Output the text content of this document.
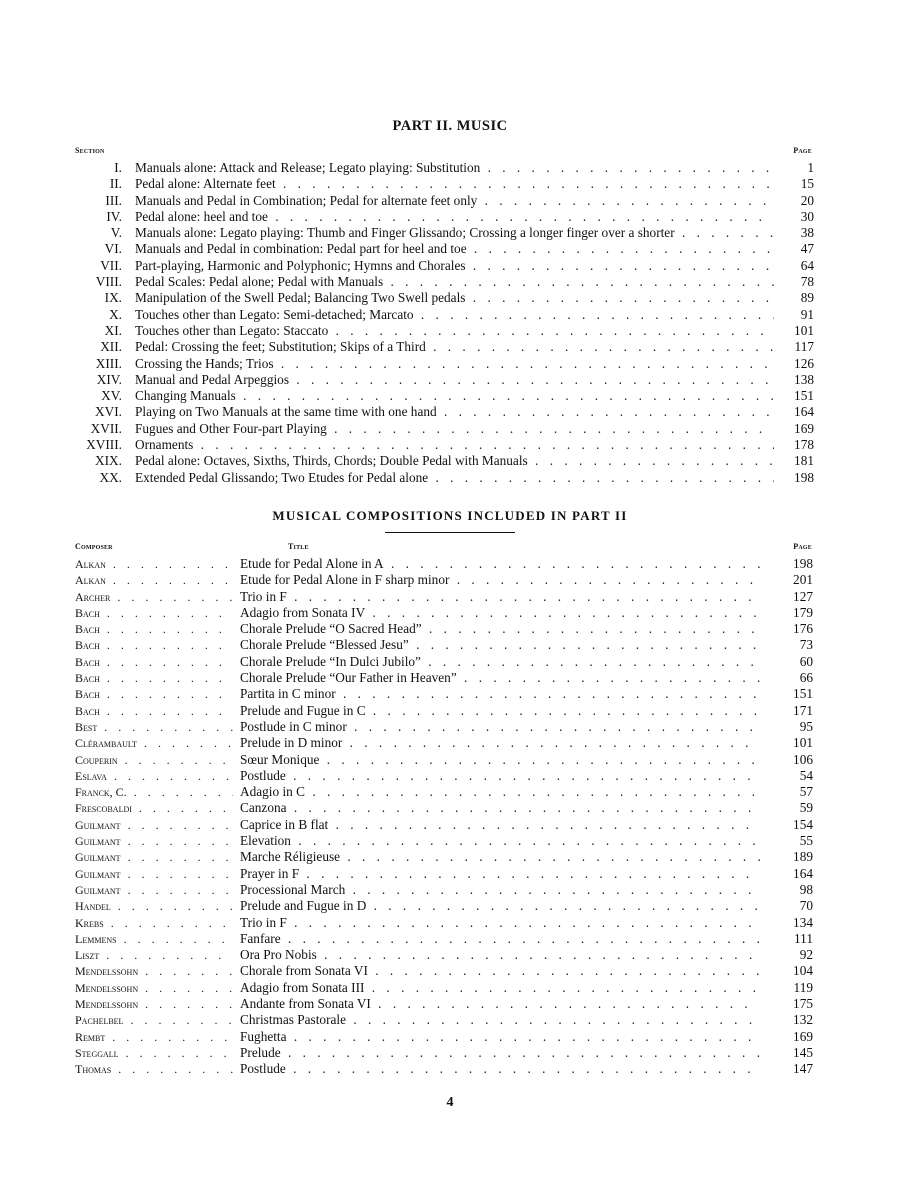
PART II. MUSIC
Section	Page
I. Manuals alone: Attack and Release; Legato playing: Substitution . . .	1
II. Pedal alone: Alternate feet . . .	15
III. Manuals and Pedal in Combination; Pedal for alternate feet only . . .	20
IV. Pedal alone: heel and toe . . .	30
V. Manuals alone: Legato playing: Thumb and Finger Glissando; Crossing a longer finger over a shorter . . .	38
VI. Manuals and Pedal in combination: Pedal part for heel and toe . . .	47
VII. Part-playing, Harmonic and Polyphonic; Hymns and Chorales . . .	64
VIII. Pedal Scales: Pedal alone; Pedal with Manuals . . .	78
IX. Manipulation of the Swell Pedal; Balancing Two Swell pedals . . .	89
X. Touches other than Legato: Semi-detached; Marcato . . .	91
XI. Touches other than Legato: Staccato . . .	101
XII. Pedal: Crossing the feet; Substitution; Skips of a Third . . .	117
XIII. Crossing the Hands; Trios . . .	126
XIV. Manual and Pedal Arpeggios . . .	138
XV. Changing Manuals . . .	151
XVI. Playing on Two Manuals at the same time with one hand . . .	164
XVII. Fugues and Other Four-part Playing . . .	169
XVIII. Ornaments . . .	178
XIX. Pedal alone: Octaves, Sixths, Thirds, Chords; Double Pedal with Manuals . . .	181
XX. Extended Pedal Glissando; Two Etudes for Pedal alone . . .	198
MUSICAL COMPOSITIONS INCLUDED IN PART II
Composer	Title	Page
Alkan . . .	Etude for Pedal Alone in A . . .	198
Alkan . . .	Etude for Pedal Alone in F sharp minor . . .	201
Archer . . .	Trio in F . . .	127
Bach . . .	Adagio from Sonata IV . . .	179
Bach . . .	Chorale Prelude “O Sacred Head” . . .	176
Bach . . .	Chorale Prelude “Blessed Jesu” . . .	73
Bach . . .	Chorale Prelude “In Dulci Jubilo” . . .	60
Bach . . .	Chorale Prelude “Our Father in Heaven” . . .	66
Bach . . .	Partita in C minor . . .	151
Bach . . .	Prelude and Fugue in C . . .	171
Best . . .	Postlude in C minor . . .	95
Clérambault . . .	Prelude in D minor . . .	101
Couperin . . .	Sœur Monique . . .	106
Eslava . . .	Postlude . . .	54
Franck, C. . . .	Adagio in C . . .	57
Frescobaldi . . .	Canzona . . .	59
Guilmant . . .	Caprice in B flat . . .	154
Guilmant . . .	Elevation . . .	55
Guilmant . . .	Marche Réligieuse . . .	189
Guilmant . . .	Prayer in F . . .	164
Guilmant . . .	Processional March . . .	98
Handel . . .	Prelude and Fugue in D . . .	70
Krebs . . .	Trio in F . . .	134
Lemmens . . .	Fanfare . . .	111
Liszt . . .	Ora Pro Nobis . . .	92
Mendelssohn . . .	Chorale from Sonata VI . . .	104
Mendelssohn . . .	Adagio from Sonata III . . .	119
Mendelssohn . . .	Andante from Sonata VI . . .	175
Pachelbel . . .	Christmas Pastorale . . .	132
Rembt . . .	Fughetta . . .	169
Steggall . . .	Prelude . . .	145
Thomas . . .	Postlude . . .	147
4
